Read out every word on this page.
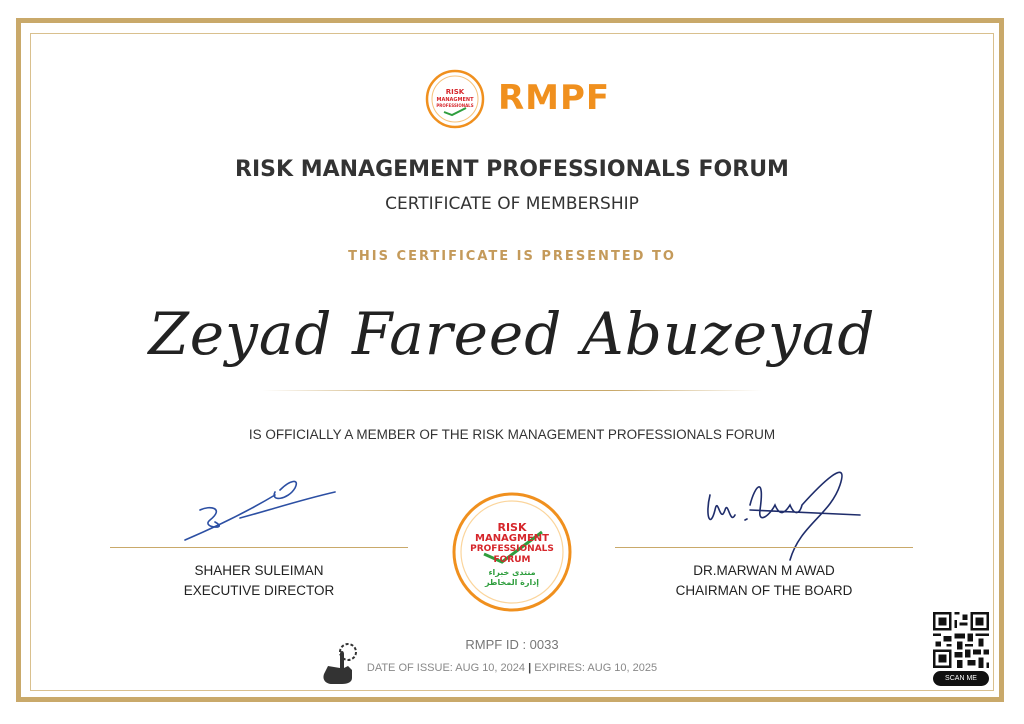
RISK
MANAGMENT
PROFESSIONALS RMPF
RISK MANAGEMENT PROFESSIONALS FORUM
CERTIFICATE OF MEMBERSHIP
THIS CERTIFICATE IS PRESENTED TO
Zeyad Fareed Abuzeyad
IS OFFICIALLY A MEMBER OF THE RISK MANAGEMENT PROFESSIONALS FORUM
SHAHER SULEIMAN
EXECUTIVE DIRECTOR
DR.MARWAN M AWAD
CHAIRMAN OF THE BOARD
RISK
MANAGMENT
PROFESSIONALS
FORUM
منتدى خبراء
إدارة المخاطر
RMPF ID : 0033
DATE OF ISSUE: AUG 10, 2024 | EXPIRES: AUG 10, 2025
SCAN ME
